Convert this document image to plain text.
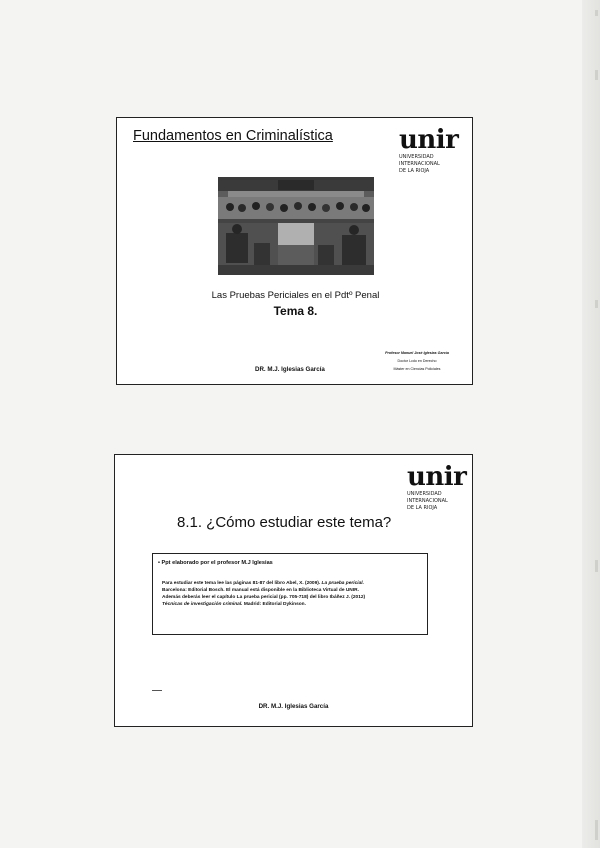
Fundamentos en Criminalística	unir
UNIVERSIDAD
INTERNACIONAL
DE LA RIOJA
Las Pruebas Periciales en el Pdtº Penal
Tema 8.
Profesor Manuel José Iglesias García
Doctor Lcdo en Derecho
Máster en Ciencias Policiales
DR. M.J. Iglesias García
unir
UNIVERSIDAD
INTERNACIONAL
DE LA RIOJA
8.1. ¿Cómo estudiar este tema?
• Ppt elaborado por el profesor M.J Iglesias
Para estudiar este tema lee las páginas 81-87 del libro Abel, X. (2009). La prueba pericial.
Barcelona: Editorial Bosch. El manual está disponible en la Biblioteca Virtual de UNIR.
Además deberás leer el capítulo La prueba pericial (pp. 705-718) del libro Ibáñez J. (2012)
Técnicas de investigación criminal. Madrid: Editorial Dykinson.
DR. M.J. Iglesias García
